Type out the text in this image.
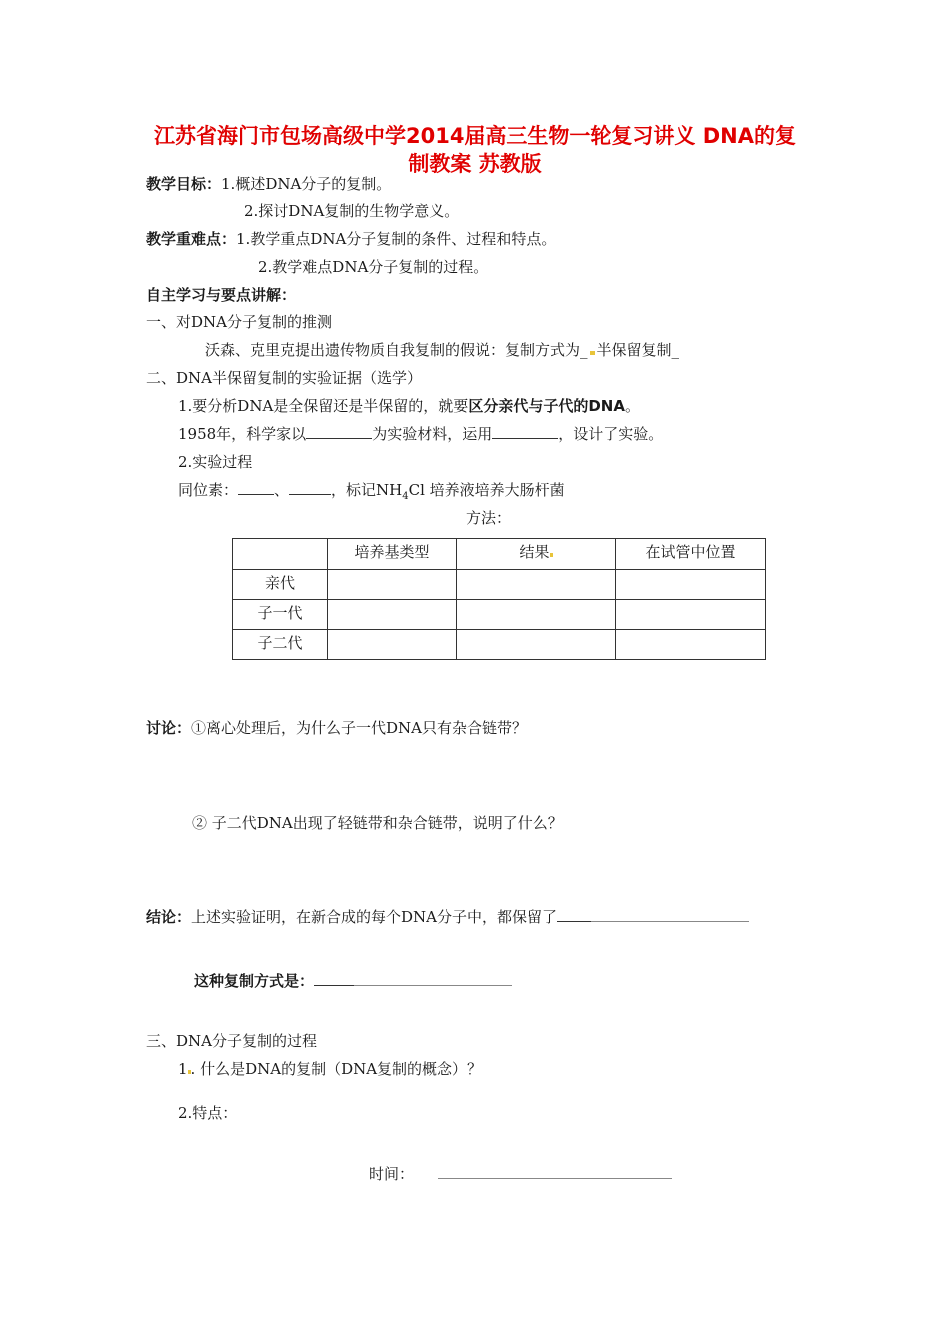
江苏省海门市包场高级中学2014届高三生物一轮复习讲义 DNA的复
制教案 苏教版
教学目标：1.概述DNA分子的复制。
2.探讨DNA复制的生物学意义。
教学重难点：1.教学重点DNA分子复制的条件、过程和特点。
2.教学难点DNA分子复制的过程。
自主学习与要点讲解：
一、对DNA分子复制的推测
沃森、克里克提出遗传物质自我复制的假说：复制方式为_ 半保留复制_
二、DNA半保留复制的实验证据（选学）
1.要分析DNA是全保留还是半保留的，就要区分亲代与子代的DNA。
1958年，科学家以	为实验材料，运用	，设计了实验。
2.实验过程
同位素： 、	，标记$NH_4Cl$ 培养液培养大肠杆菌
方法：

	培养基类型	结果	在试管中位置

亲代			

子一代			

子二代			

讨论：①离心处理后，为什么子一代DNA只有杂合链带？
② 子二代DNA出现了轻链带和杂合链带，说明了什么？
结论：上述实验证明，在新合成的每个DNA分子中，都保留了
这种复制方式是：
三、DNA分子复制的过程
1 . 什么是DNA的复制（DNA复制的概念）？
2.特点：
时间：
